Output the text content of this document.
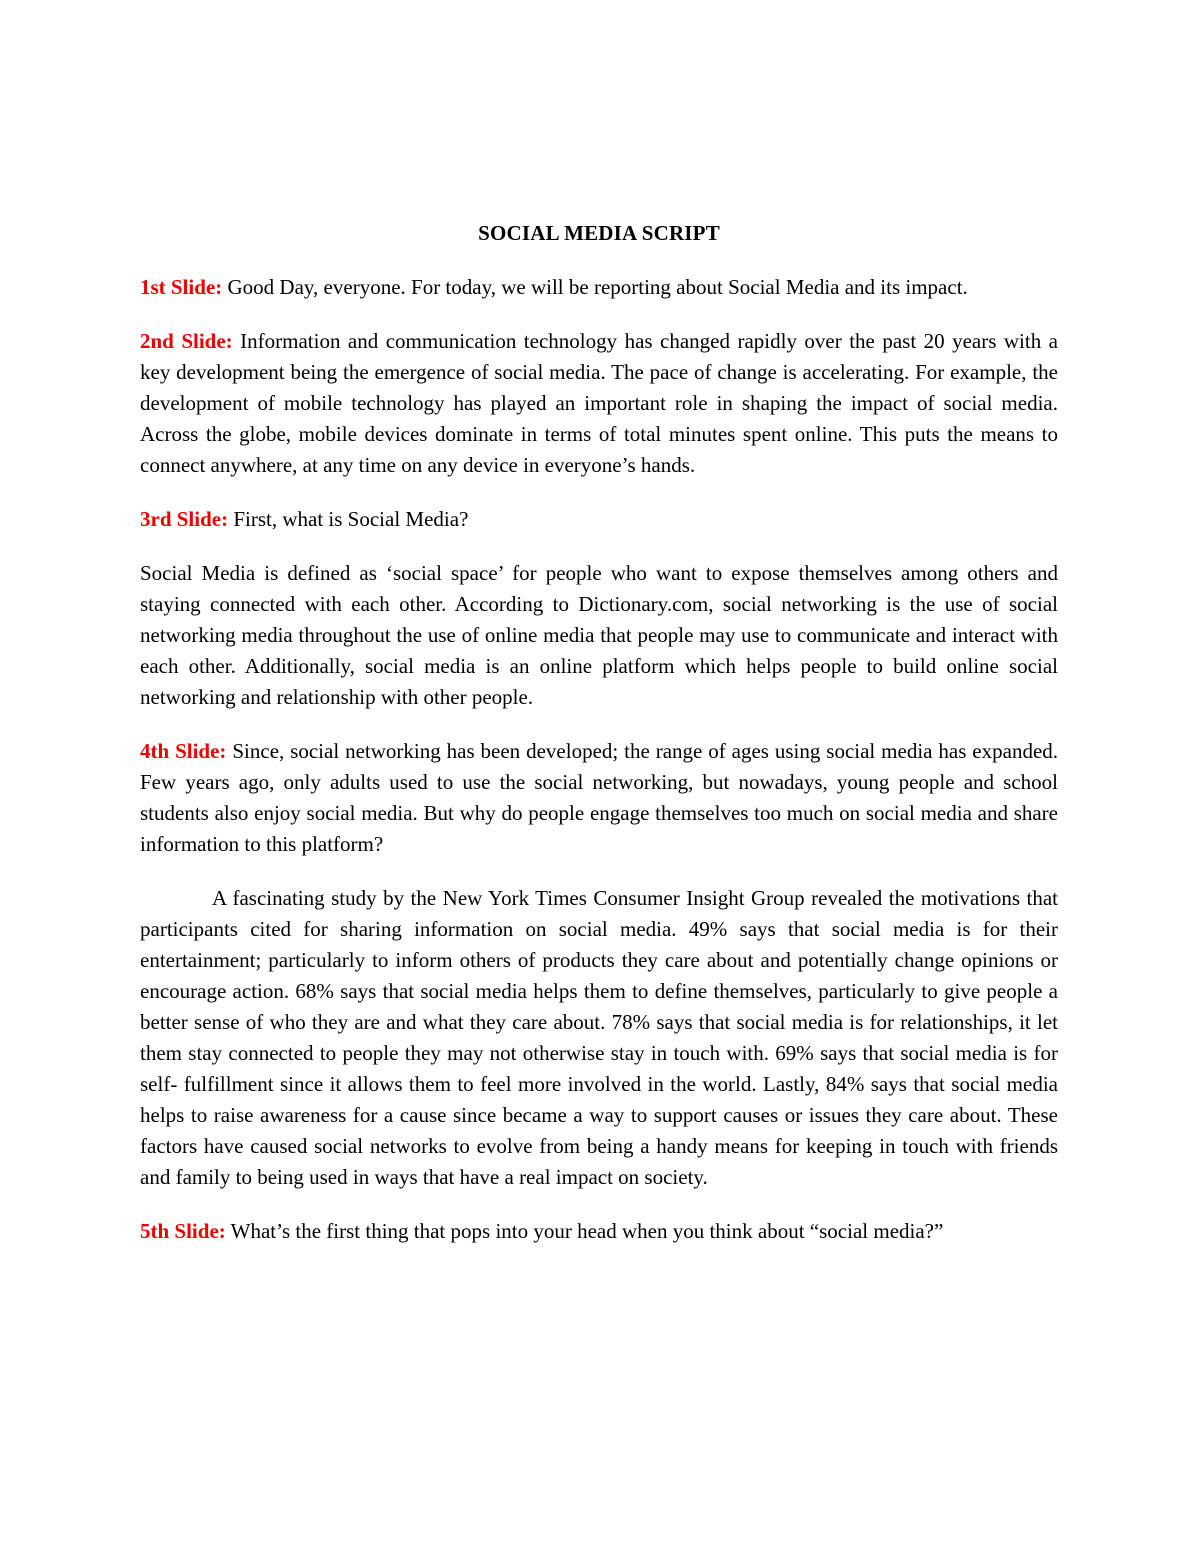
SOCIAL MEDIA SCRIPT

1st Slide: Good Day, everyone. For today, we will be reporting about Social Media and its impact.

2nd Slide: Information and communication technology has changed rapidly over the past 20 years with a key development being the emergence of social media. The pace of change is accelerating. For example, the development of mobile technology has played an important role in shaping the impact of social media. Across the globe, mobile devices dominate in terms of total minutes spent online. This puts the means to connect anywhere, at any time on any device in everyone’s hands.

3rd Slide: First, what is Social Media?

Social Media is defined as ‘social space’ for people who want to expose themselves among others and staying connected with each other. According to Dictionary.com, social networking is the use of social networking media throughout the use of online media that people may use to communicate and interact with each other. Additionally, social media is an online platform which helps people to build online social networking and relationship with other people.

4th Slide: Since, social networking has been developed; the range of ages using social media has expanded. Few years ago, only adults used to use the social networking, but nowadays, young people and school students also enjoy social media. But why do people engage themselves too much on social media and share information to this platform?

A fascinating study by the New York Times Consumer Insight Group revealed the motivations that participants cited for sharing information on social media. 49% says that social media is for their entertainment; particularly to inform others of products they care about and potentially change opinions or encourage action. 68% says that social media helps them to define themselves, particularly to give people a better sense of who they are and what they care about. 78% says that social media is for relationships, it let them stay connected to people they may not otherwise stay in touch with. 69% says that social media is for self- fulfillment since it allows them to feel more involved in the world. Lastly, 84% says that social media helps to raise awareness for a cause since became a way to support causes or issues they care about. These factors have caused social networks to evolve from being a handy means for keeping in touch with friends and family to being used in ways that have a real impact on society.

5th Slide: What’s the first thing that pops into your head when you think about “social media?”
